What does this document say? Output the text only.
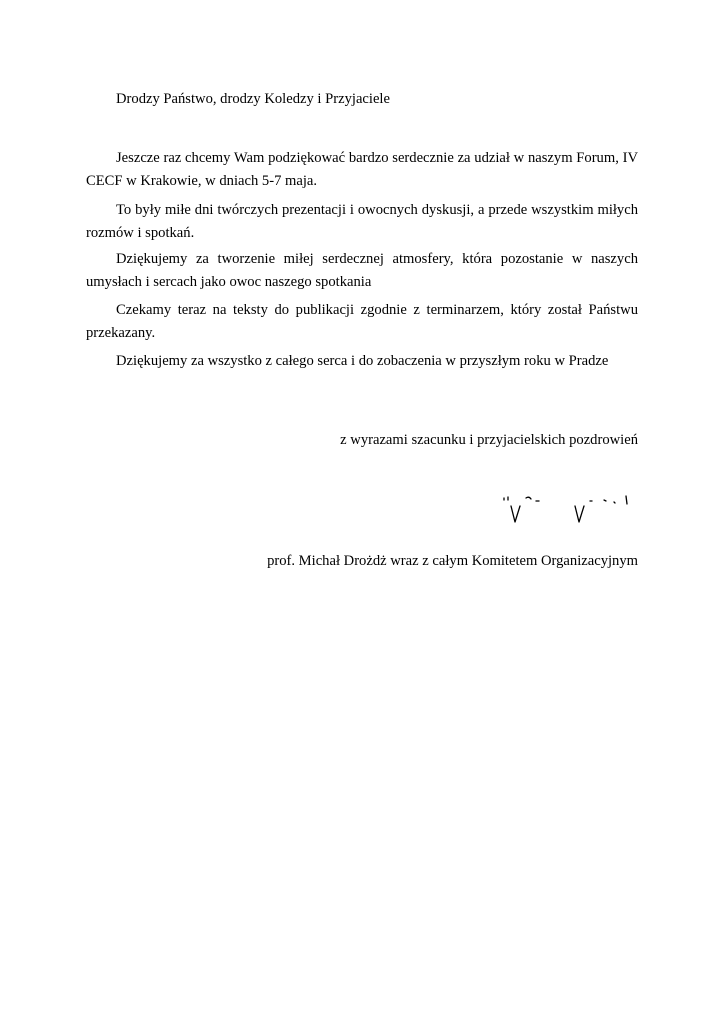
Drodzy Państwo, drodzy Koledzy i Przyjaciele
Jeszcze raz chcemy Wam podziękować bardzo serdecznie za udział w naszym Forum, IV CECF w Krakowie, w dniach 5-7 maja.
To były miłe dni twórczych prezentacji i owocnych dyskusji, a przede wszystkim miłych rozmów i spotkań.
Dziękujemy za tworzenie miłej serdecznej atmosfery, która pozostanie w naszych umysłach i sercach jako owoc naszego spotkania
Czekamy teraz na teksty do publikacji zgodnie z terminarzem, który został Państwu przekazany.
Dziękujemy za wszystko z całego serca i do zobaczenia w przyszłym roku w Pradze
z wyrazami szacunku i przyjacielskich pozdrowień
prof. Michał Drożdż wraz z całym Komitetem Organizacyjnym
